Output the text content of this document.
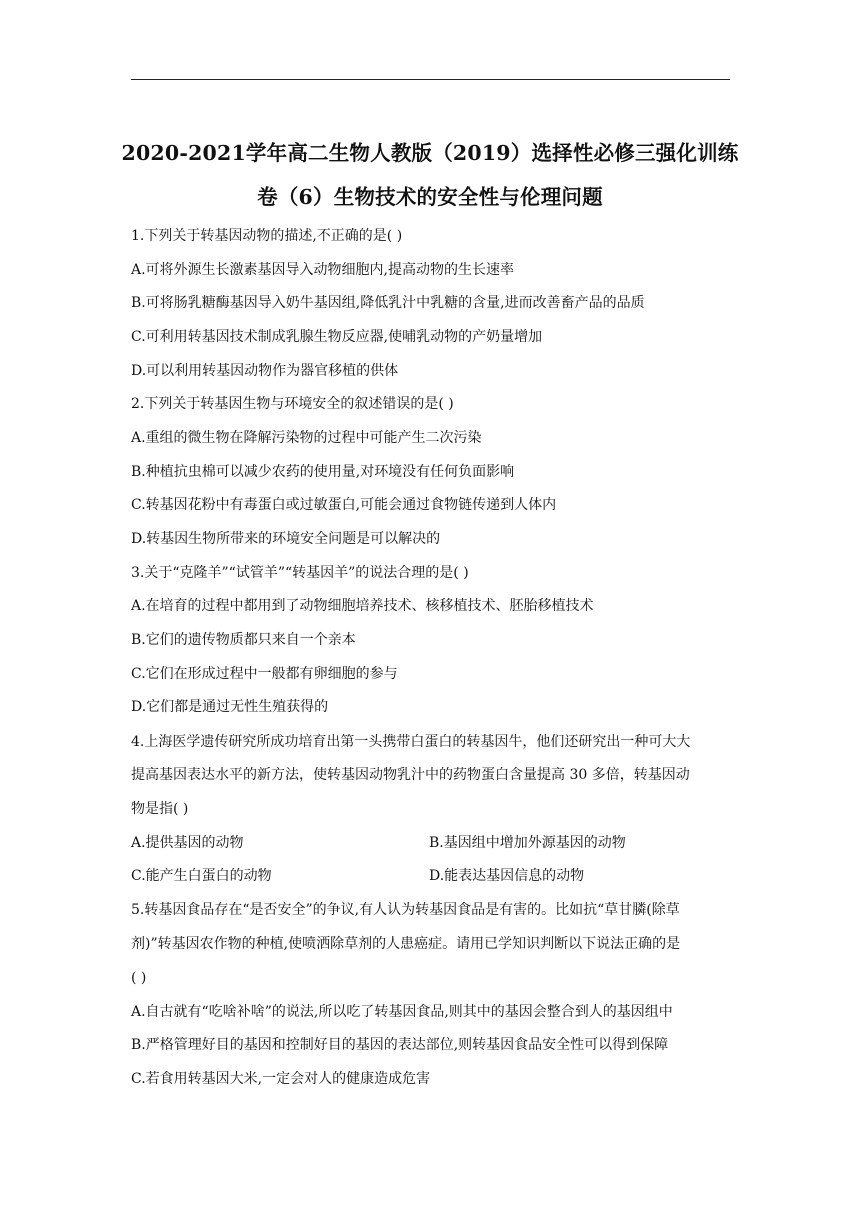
2020-2021学年高二生物人教版（2019）选择性必修三强化训练
卷（6）生物技术的安全性与伦理问题
1.下列关于转基因动物的描述,不正确的是( )
A.可将外源生长激素基因导入动物细胞内,提高动物的生长速率
B.可将肠乳糖酶基因导入奶牛基因组,降低乳汁中乳糖的含量,进而改善畜产品的品质
C.可利用转基因技术制成乳腺生物反应器,使哺乳动物的产奶量增加
D.可以利用转基因动物作为器官移植的供体
2.下列关于转基因生物与环境安全的叙述错误的是( )
A.重组的微生物在降解污染物的过程中可能产生二次污染
B.种植抗虫棉可以减少农药的使用量,对环境没有任何负面影响
C.转基因花粉中有毒蛋白或过敏蛋白,可能会通过食物链传递到人体内
D.转基因生物所带来的环境安全问题是可以解决的
3.关于“克隆羊”“试管羊”“转基因羊”的说法合理的是( )
A.在培育的过程中都用到了动物细胞培养技术、核移植技术、胚胎移植技术
B.它们的遗传物质都只来自一个亲本
C.它们在形成过程中一般都有卵细胞的参与
D.它们都是通过无性生殖获得的
4.上海医学遗传研究所成功培育出第一头携带白蛋白的转基因牛，他们还研究出一种可大大
提高基因表达水平的新方法，使转基因动物乳汁中的药物蛋白含量提高 30 多倍，转基因动
物是指( )
A.提供基因的动物	B.基因组中增加外源基因的动物
C.能产生白蛋白的动物	D.能表达基因信息的动物
5.转基因食品存在“是否安全”的争议,有人认为转基因食品是有害的。比如抗“草甘膦(除草
剂)”转基因农作物的种植,使喷洒除草剂的人患癌症。请用已学知识判断以下说法正确的是
( )
A.自古就有“吃啥补啥”的说法,所以吃了转基因食品,则其中的基因会整合到人的基因组中
B.严格管理好目的基因和控制好目的基因的表达部位,则转基因食品安全性可以得到保障
C.若食用转基因大米,一定会对人的健康造成危害
